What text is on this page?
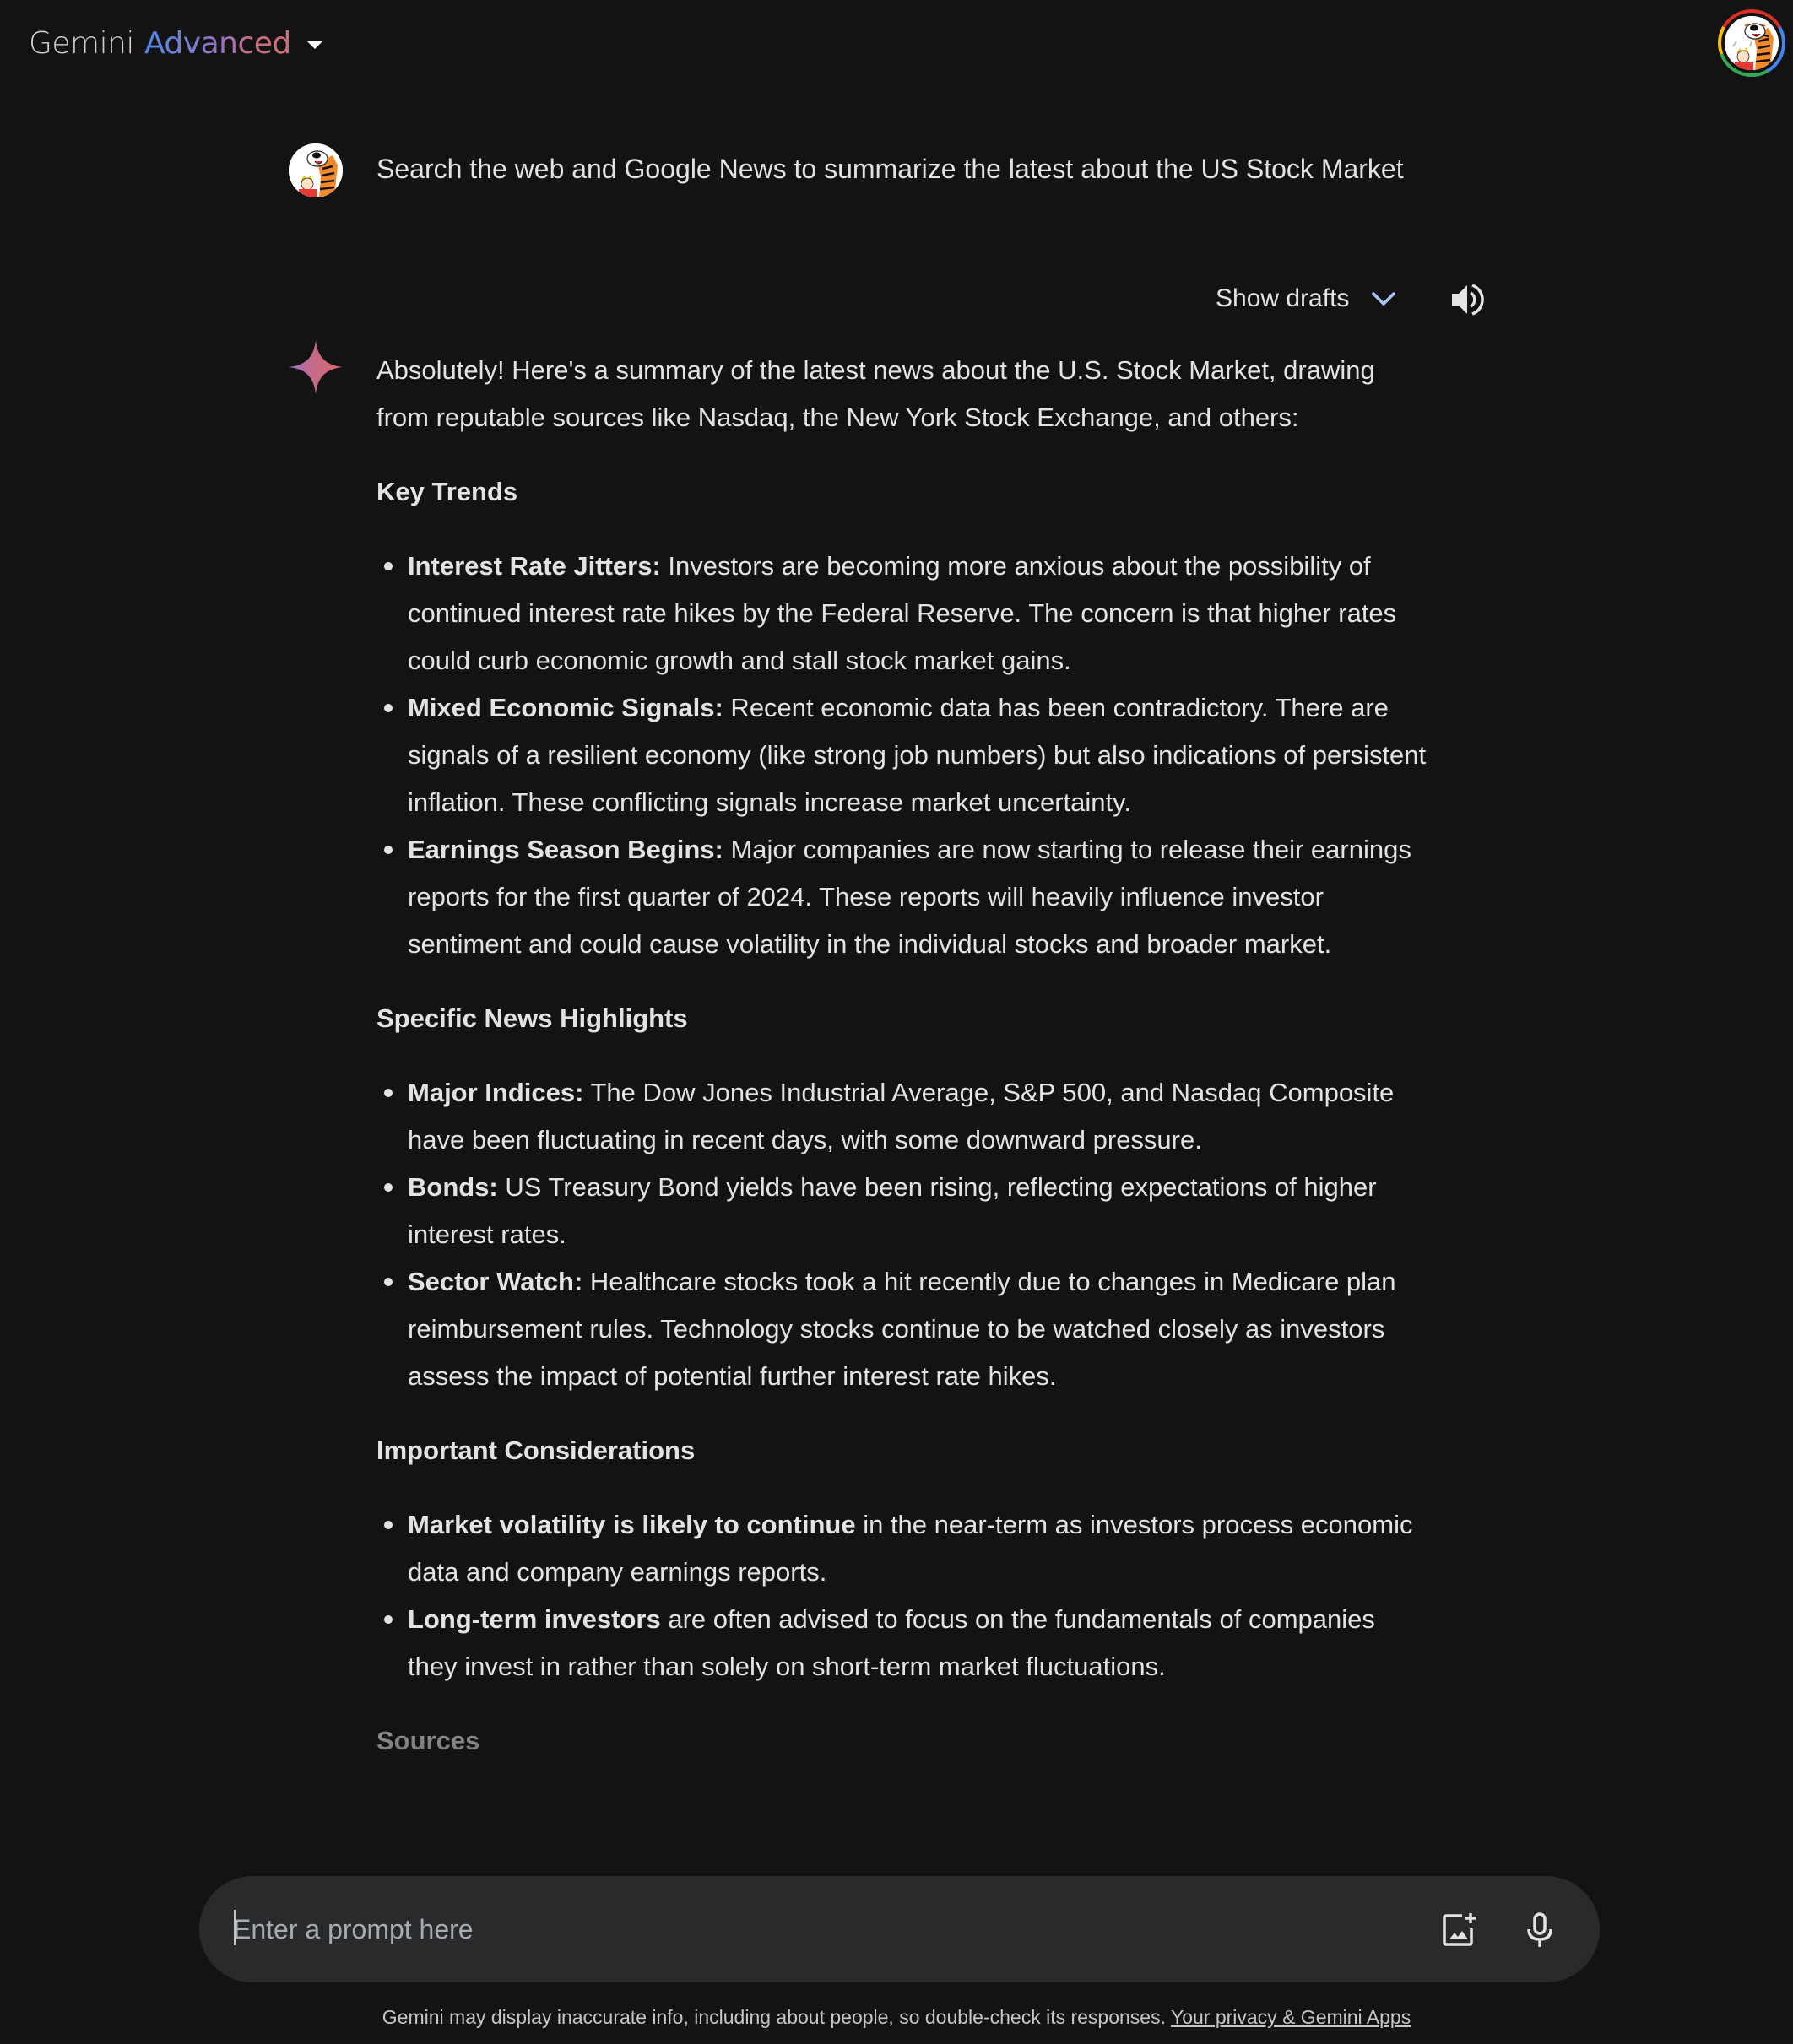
Gemini Advanced
Search the web and Google News to summarize the latest about the US Stock Market
Show drafts

Absolutely! Here's a summary of the latest news about the U.S. Stock Market, drawing from reputable sources like Nasdaq, the New York Stock Exchange, and others:

Key Trends
Interest Rate Jitters: Investors are becoming more anxious about the possibility of continued interest rate hikes by the Federal Reserve. The concern is that higher rates could curb economic growth and stall stock market gains.
Mixed Economic Signals: Recent economic data has been contradictory. There are signals of a resilient economy (like strong job numbers) but also indications of persistent inflation. These conflicting signals increase market uncertainty.
Earnings Season Begins: Major companies are now starting to release their earnings reports for the first quarter of 2024. These reports will heavily influence investor sentiment and could cause volatility in the individual stocks and broader market.
Specific News Highlights
Major Indices: The Dow Jones Industrial Average, S&P 500, and Nasdaq Composite have been fluctuating in recent days, with some downward pressure.
Bonds: US Treasury Bond yields have been rising, reflecting expectations of higher interest rates.
Sector Watch: Healthcare stocks took a hit recently due to changes in Medicare plan reimbursement rules. Technology stocks continue to be watched closely as investors assess the impact of potential further interest rate hikes.
Important Considerations
Market volatility is likely to continue in the near-term as investors process economic data and company earnings reports.
Long-term investors are often advised to focus on the fundamentals of companies they invest in rather than solely on short-term market fluctuations.
Sources
Enter a prompt here
Gemini may display inaccurate info, including about people, so double-check its responses. Your privacy & Gemini Apps
